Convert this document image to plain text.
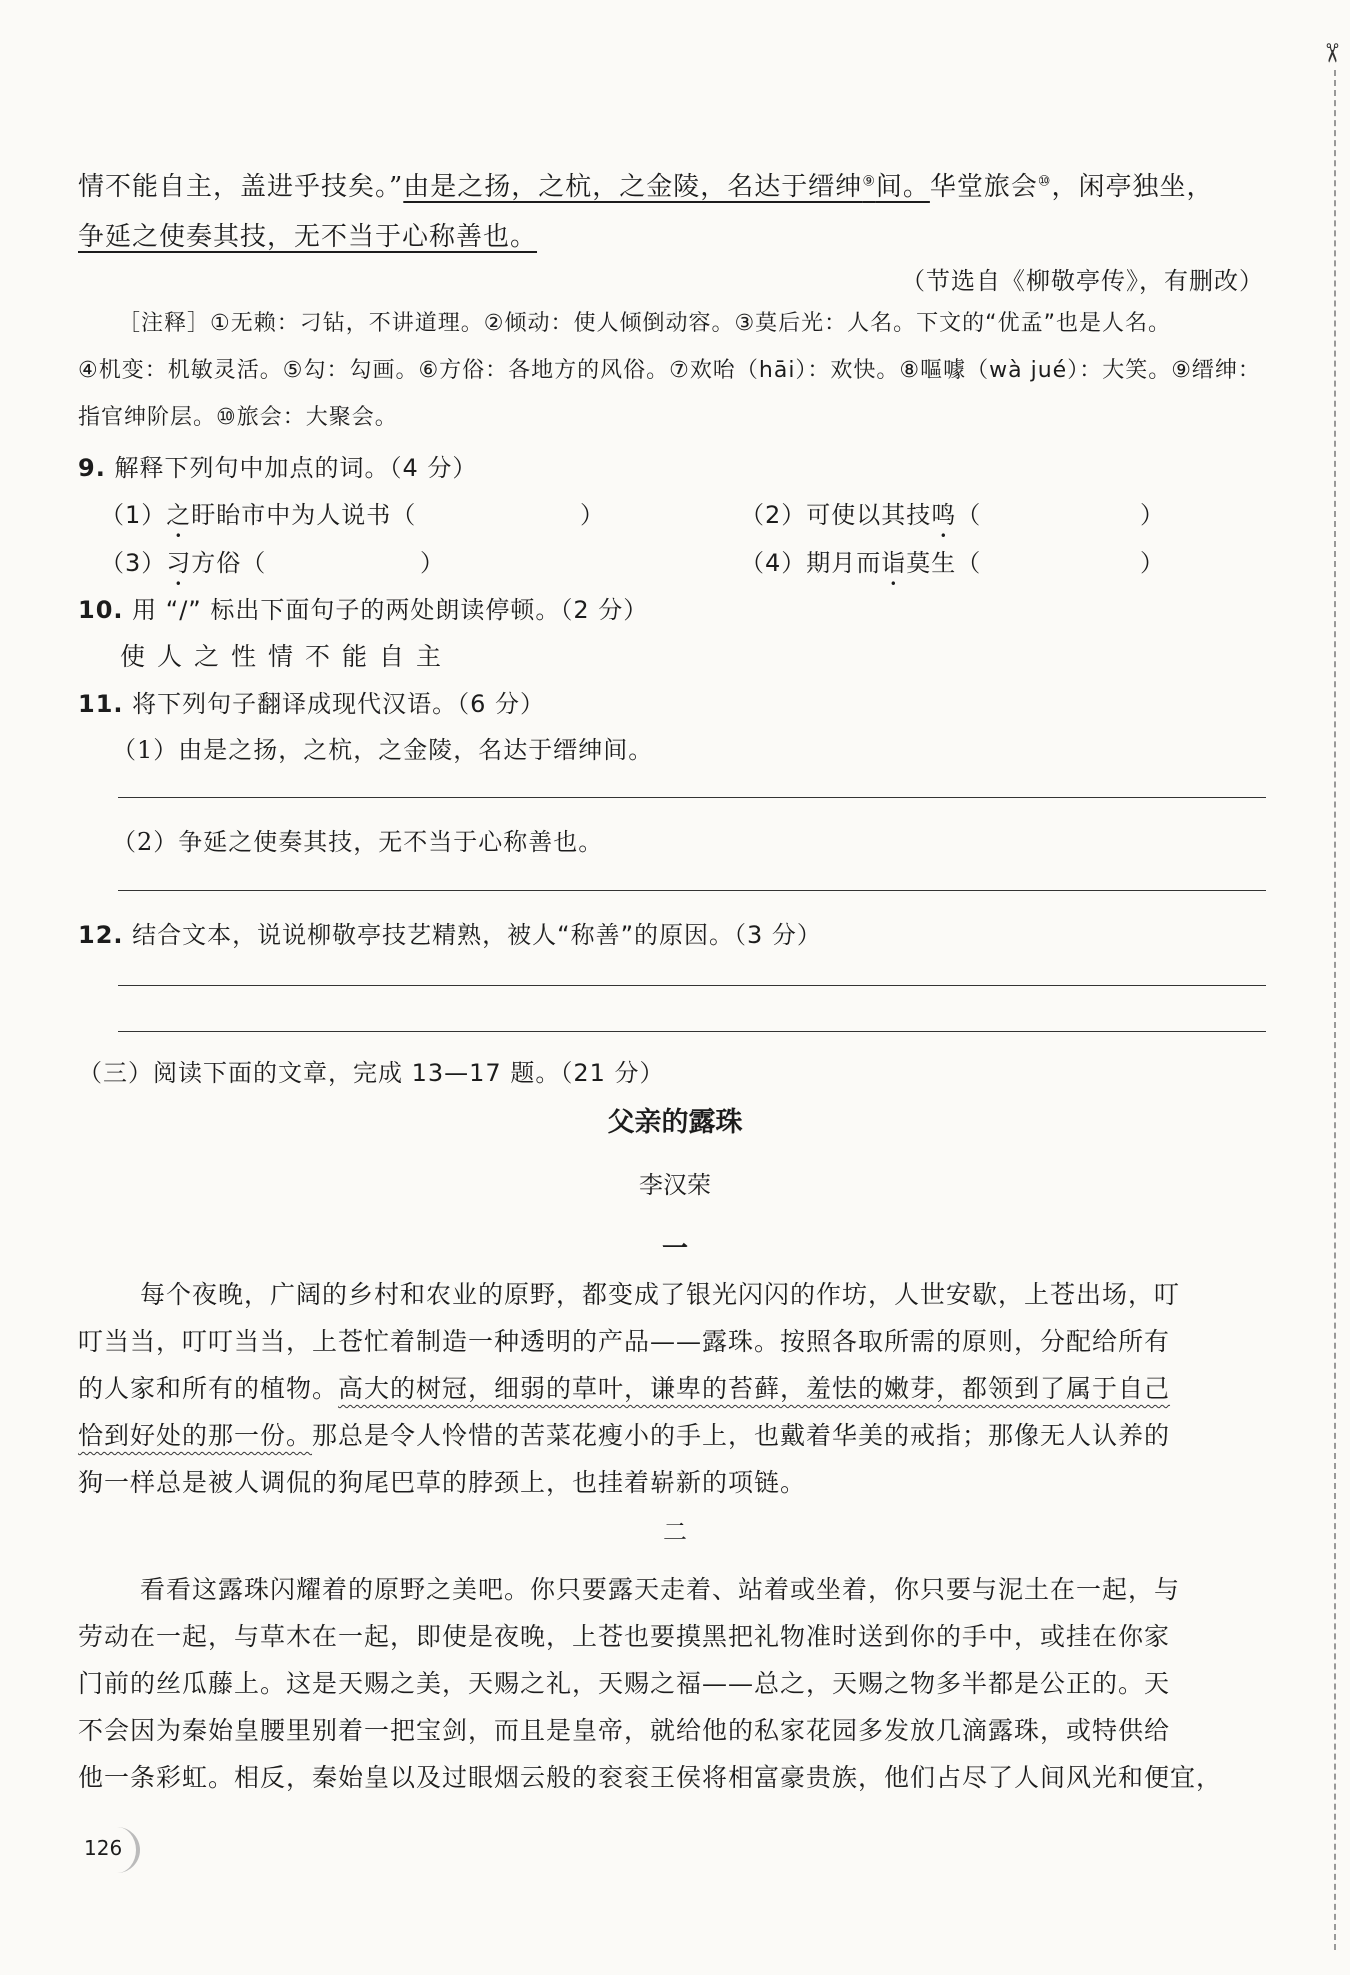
✂
情不能自主，盖进乎技矣。”由是之扬，之杭，之金陵，名达于缙绅⑨间。华堂旅会⑩，闲亭独坐，
争延之使奏其技，无不当于心称善也。
（节选自《柳敬亭传》，有删改）
［注释］①无赖：刁钻，不讲道理。②倾动：使人倾倒动容。③莫后光：人名。下文的“优孟”也是人名。
④机变：机敏灵活。⑤勾：勾画。⑥方俗：各地方的风俗。⑦欢咍（hāi）：欢快。⑧嘔噱（wà jué）：大笑。⑨缙绅：
指官绅阶层。⑩旅会：大聚会。
9. 解释下列句中加点的词。（4 分）
（1）之盱眙市中为人说书（	）	（2）可使以其技鸣（	）
（3）习方俗（	）	（4）期月而诣莫生（	）
10. 用 “/” 标出下面句子的两处朗读停顿。（2 分）
使人之性情不能自主
11. 将下列句子翻译成现代汉语。（6 分）
（1）由是之扬，之杭，之金陵，名达于缙绅间。
（2）争延之使奏其技，无不当于心称善也。
12. 结合文本，说说柳敬亭技艺精熟，被人“称善”的原因。（3 分）
（三）阅读下面的文章，完成 13—17 题。（21 分）
父亲的露珠
李汉荣
一
每个夜晚，广阔的乡村和农业的原野，都变成了银光闪闪的作坊，人世安歇，上苍出场，叮
叮当当，叮叮当当，上苍忙着制造一种透明的产品——露珠。按照各取所需的原则，分配给所有
的人家和所有的植物。高大的树冠，细弱的草叶，谦卑的苔藓，羞怯的嫩芽，都领到了属于自己
恰到好处的那一份。那总是令人怜惜的苦菜花瘦小的手上，也戴着华美的戒指；那像无人认养的
狗一样总是被人调侃的狗尾巴草的脖颈上，也挂着崭新的项链。
二
看看这露珠闪耀着的原野之美吧。你只要露天走着、站着或坐着，你只要与泥土在一起，与
劳动在一起，与草木在一起，即使是夜晚，上苍也要摸黑把礼物准时送到你的手中，或挂在你家
门前的丝瓜藤上。这是天赐之美，天赐之礼，天赐之福——总之，天赐之物多半都是公正的。天
不会因为秦始皇腰里别着一把宝剑，而且是皇帝，就给他的私家花园多发放几滴露珠，或特供给
他一条彩虹。相反，秦始皇以及过眼烟云般的衮衮王侯将相富豪贵族，他们占尽了人间风光和便宜，
126
